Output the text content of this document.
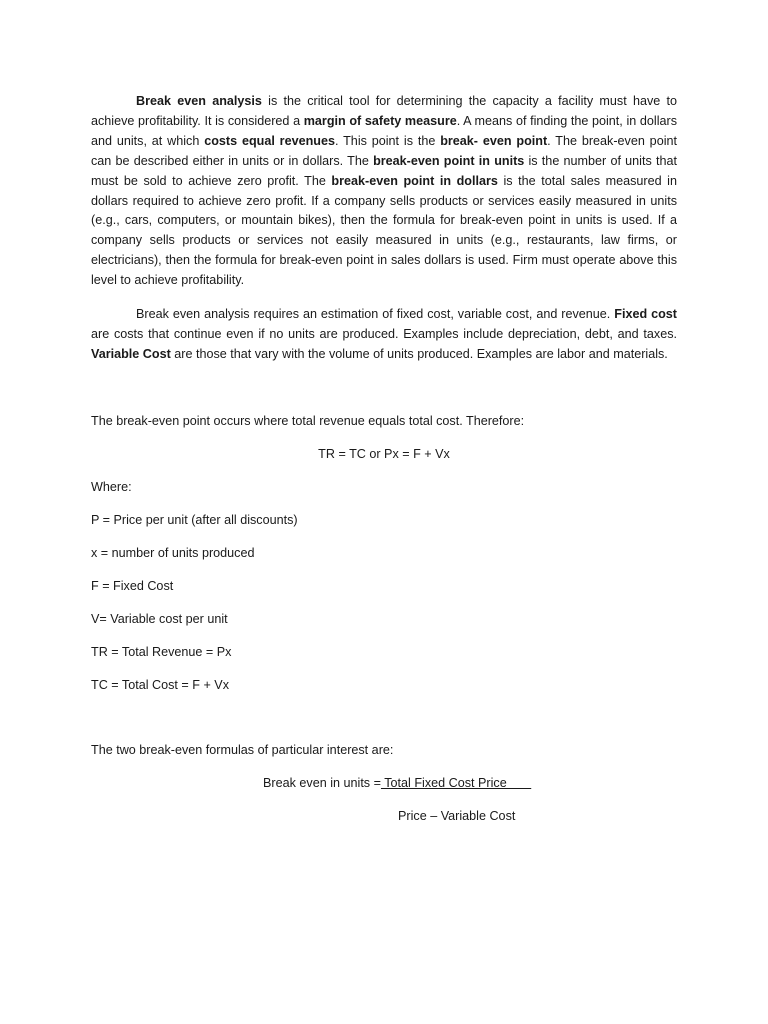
Break even analysis is the critical tool for determining the capacity a facility must have to achieve profitability. It is considered a margin of safety measure. A means of finding the point, in dollars and units, at which costs equal revenues. This point is the break- even point. The break-even point can be described either in units or in dollars. The break-even point in units is the number of units that must be sold to achieve zero profit. The break-even point in dollars is the total sales measured in dollars required to achieve zero profit. If a company sells products or services easily measured in units (e.g., cars, computers, or mountain bikes), then the formula for break-even point in units is used. If a company sells products or services not easily measured in units (e.g., restaurants, law firms, or electricians), then the formula for break-even point in sales dollars is used. Firm must operate above this level to achieve profitability.

Break even analysis requires an estimation of fixed cost, variable cost, and revenue. Fixed cost are costs that continue even if no units are produced. Examples include depreciation, debt, and taxes. Variable Cost are those that vary with the volume of units produced. Examples are labor and materials.

The break-even point occurs where total revenue equals total cost. Therefore:

TR = TC or Px = F + Vx

Where:

P = Price per unit (after all discounts)

x = number of units produced

F = Fixed Cost

V= Variable cost per unit

TR = Total Revenue = Px

TC = Total Cost = F + Vx

The two break-even formulas of particular interest are:

Break even in units = Total Fixed Cost Price
Price – Variable Cost
